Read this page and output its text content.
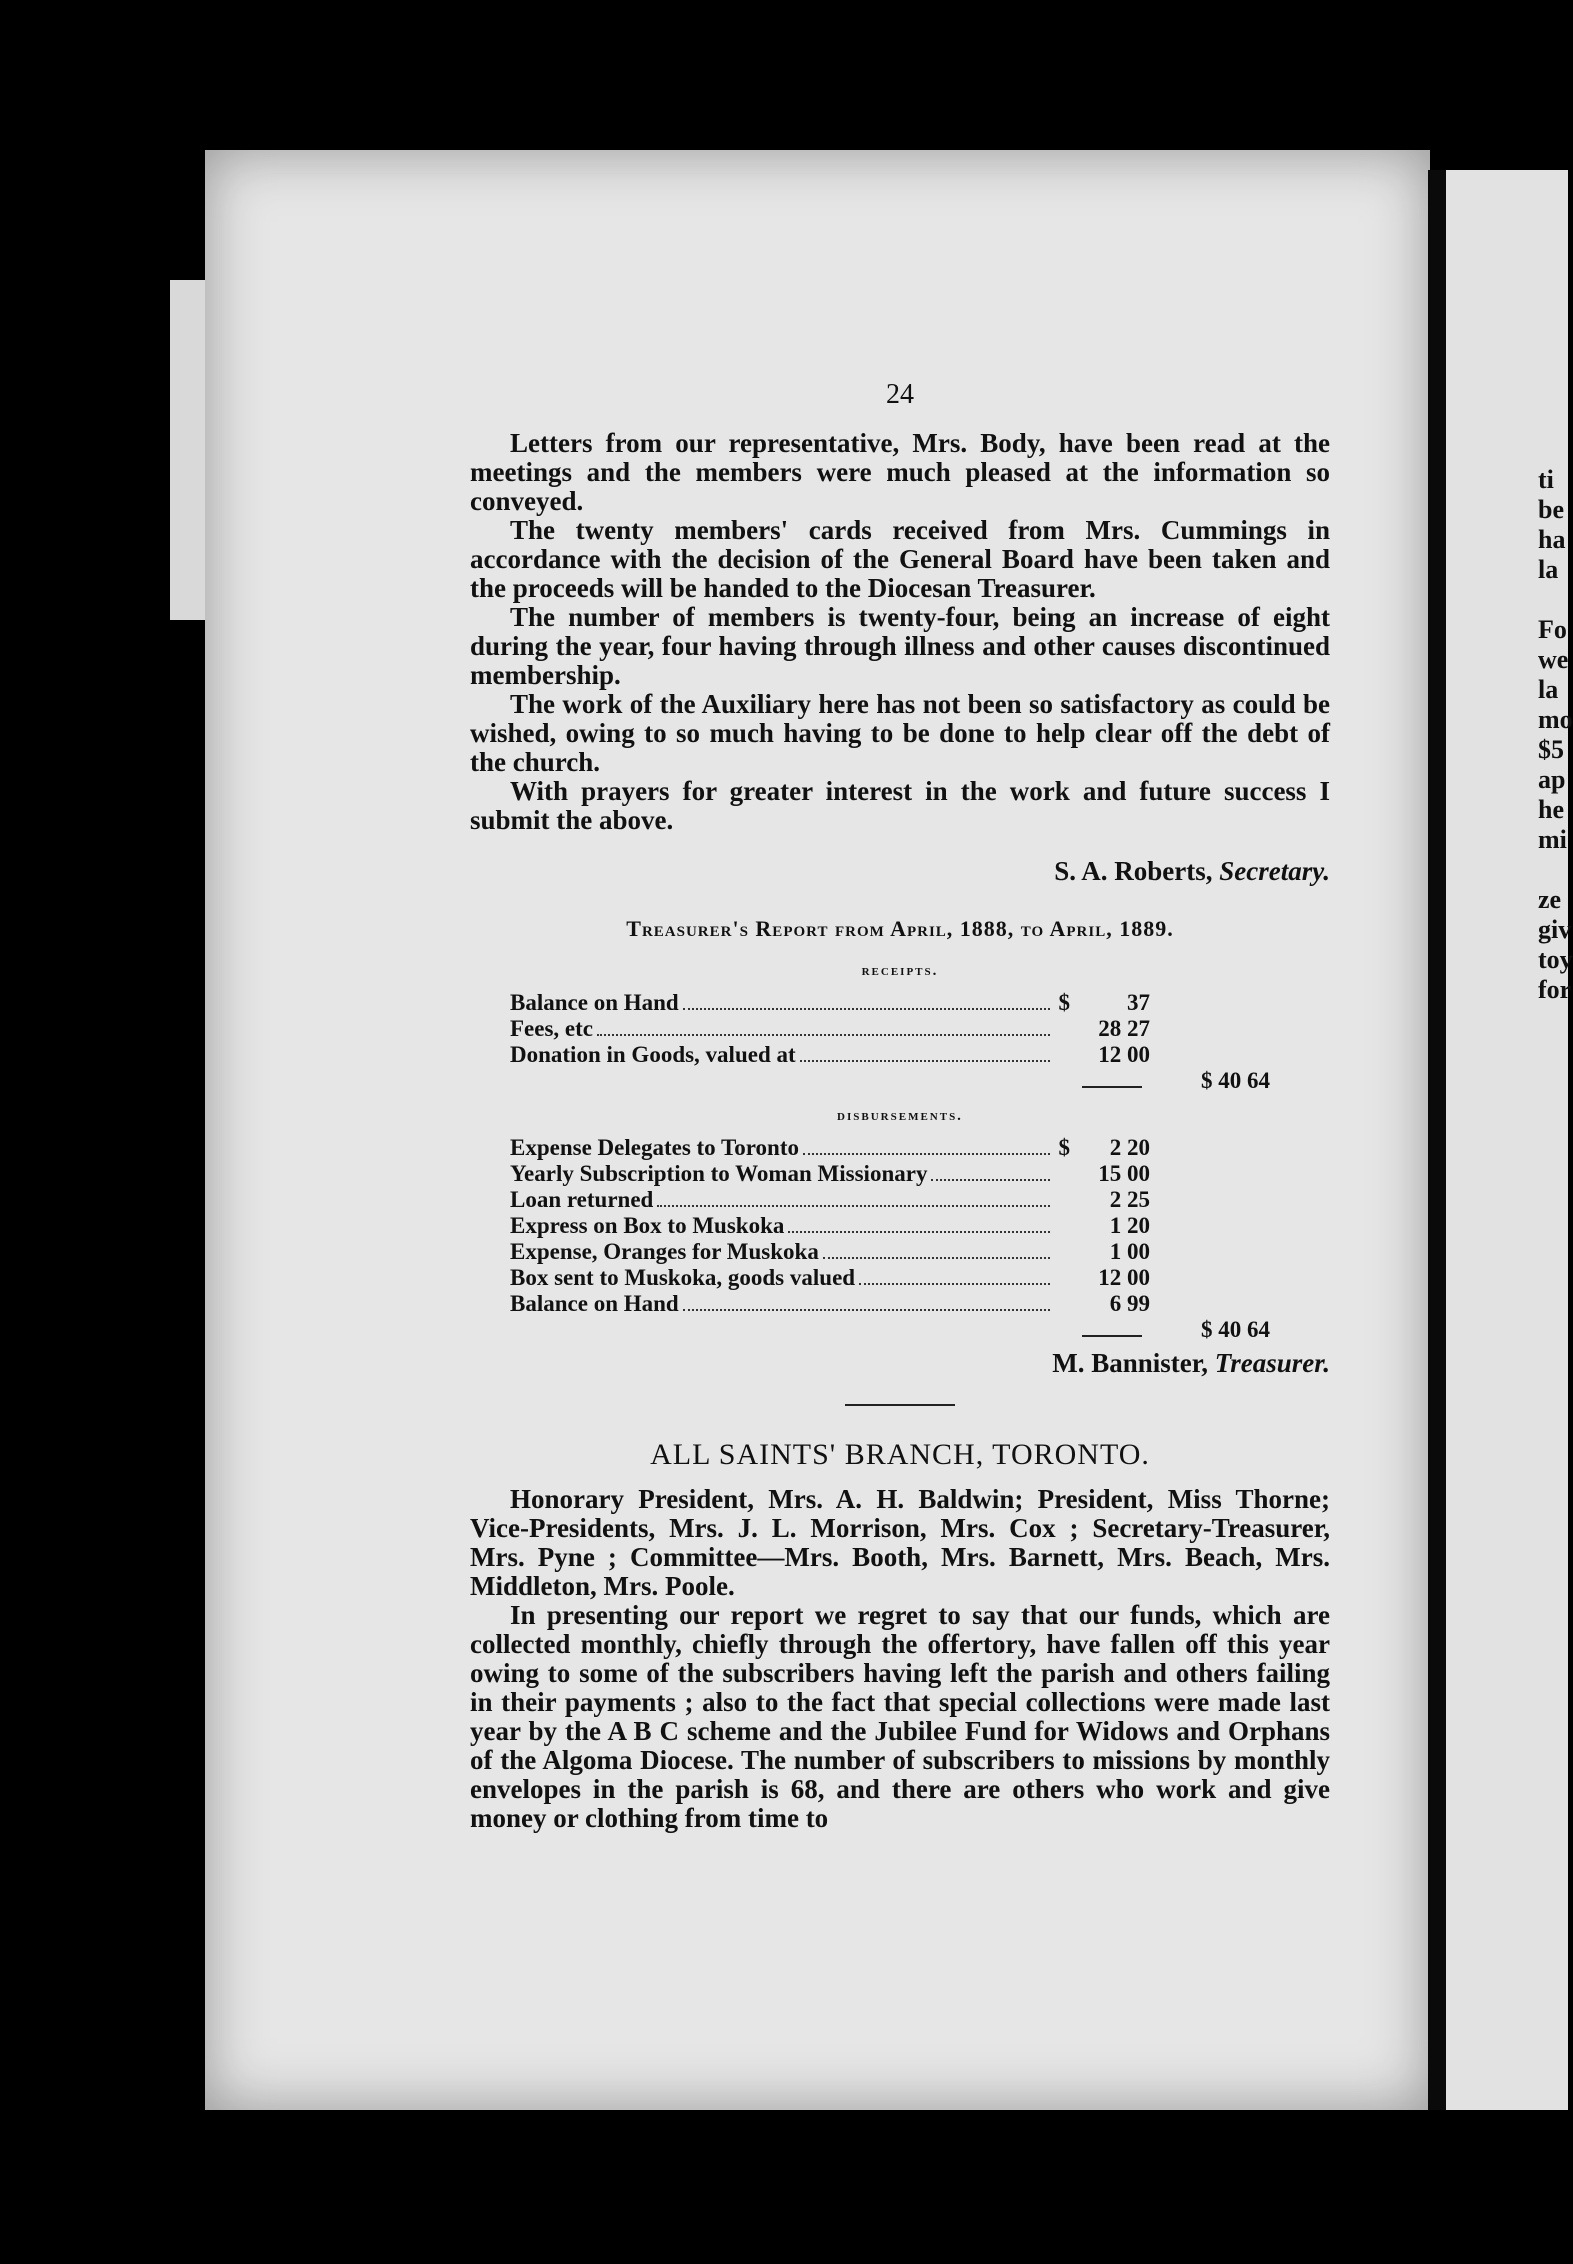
ti
be
ha
la
Fo
we
la
mo
$5
ap
he
mi
ze
giv
toy
for
24

Letters from our representative, Mrs. Body, have been read at the meetings and the members were much pleased at the information so conveyed.

The twenty members' cards received from Mrs. Cummings in accordance with the decision of the General Board have been taken and the proceeds will be handed to the Diocesan Treasurer.

The number of members is twenty-four, being an increase of eight during the year, four having through illness and other causes discontinued membership.

The work of the Auxiliary here has not been so satisfactory as could be wished, owing to so much having to be done to help clear off the debt of the church.

With prayers for greater interest in the work and future success I submit the above.

S. A. Roberts, Secretary.
Treasurer's Report from April, 1888, to April, 1889.
receipts.
Balance on Hand	$	37
Fees, etc	28 27
Donation in Goods, valued at	12 00
$ 40 64
disbursements.
Expense Delegates to Toronto	$	2 20
Yearly Subscription to Woman Missionary	15 00
Loan returned	2 25
Express on Box to Muskoka	1 20
Expense, Oranges for Muskoka	1 00
Box sent to Muskoka, goods valued	12 00
Balance on Hand	6 99
$ 40 64
M. Bannister, Treasurer.
ALL SAINTS' BRANCH, TORONTO.

Honorary President, Mrs. A. H. Baldwin; President, Miss Thorne; Vice-Presidents, Mrs. J. L. Morrison, Mrs. Cox ; Secretary-Treasurer, Mrs. Pyne ; Committee—Mrs. Booth, Mrs. Barnett, Mrs. Beach, Mrs. Middleton, Mrs. Poole.

In presenting our report we regret to say that our funds, which are collected monthly, chiefly through the offertory, have fallen off this year owing to some of the subscribers having left the parish and others failing in their payments ; also to the fact that special collections were made last year by the A B C scheme and the Jubilee Fund for Widows and Orphans of the Algoma Diocese. The number of subscribers to missions by monthly envelopes in the parish is 68, and there are others who work and give money or clothing from time to
